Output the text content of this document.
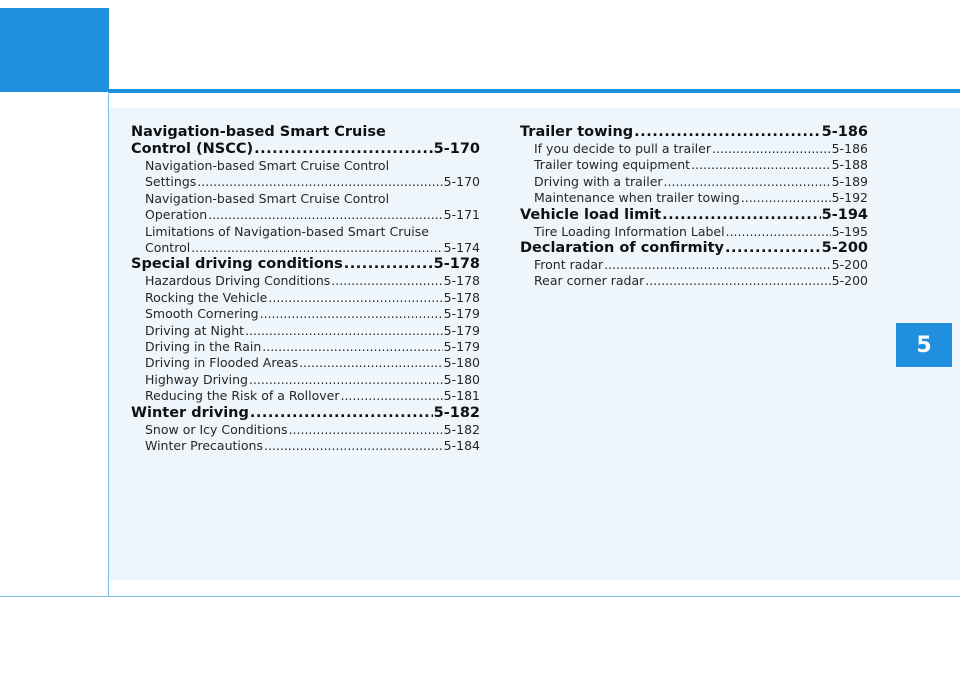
Navigation-based Smart Cruise
Control (NSCC) .....	5-170
Navigation-based Smart Cruise Control
Settings .....	5-170
Navigation-based Smart Cruise Control
Operation .....	5-171
Limitations of Navigation-based Smart Cruise
Control .....	5-174
Special driving conditions .....	5-178
Hazardous Driving Conditions .....	5-178
Rocking the Vehicle .....	5-178
Smooth Cornering .....	5-179
Driving at Night .....	5-179
Driving in the Rain .....	5-179
Driving in Flooded Areas .....	5-180
Highway Driving .....	5-180
Reducing the Risk of a Rollover .....	5-181
Winter driving .....	5-182
Snow or Icy Conditions .....	5-182
Winter Precautions .....	5-184
Trailer towing .....	5-186
If you decide to pull a trailer .....	5-186
Trailer towing equipment .....	5-188
Driving with a trailer .....	5-189
Maintenance when trailer towing .....	5-192
Vehicle load limit .....	5-194
Tire Loading Information Label .....	5-195
Declaration of confirmity .....	5-200
Front radar .....	5-200
Rear corner radar .....	5-200
5
